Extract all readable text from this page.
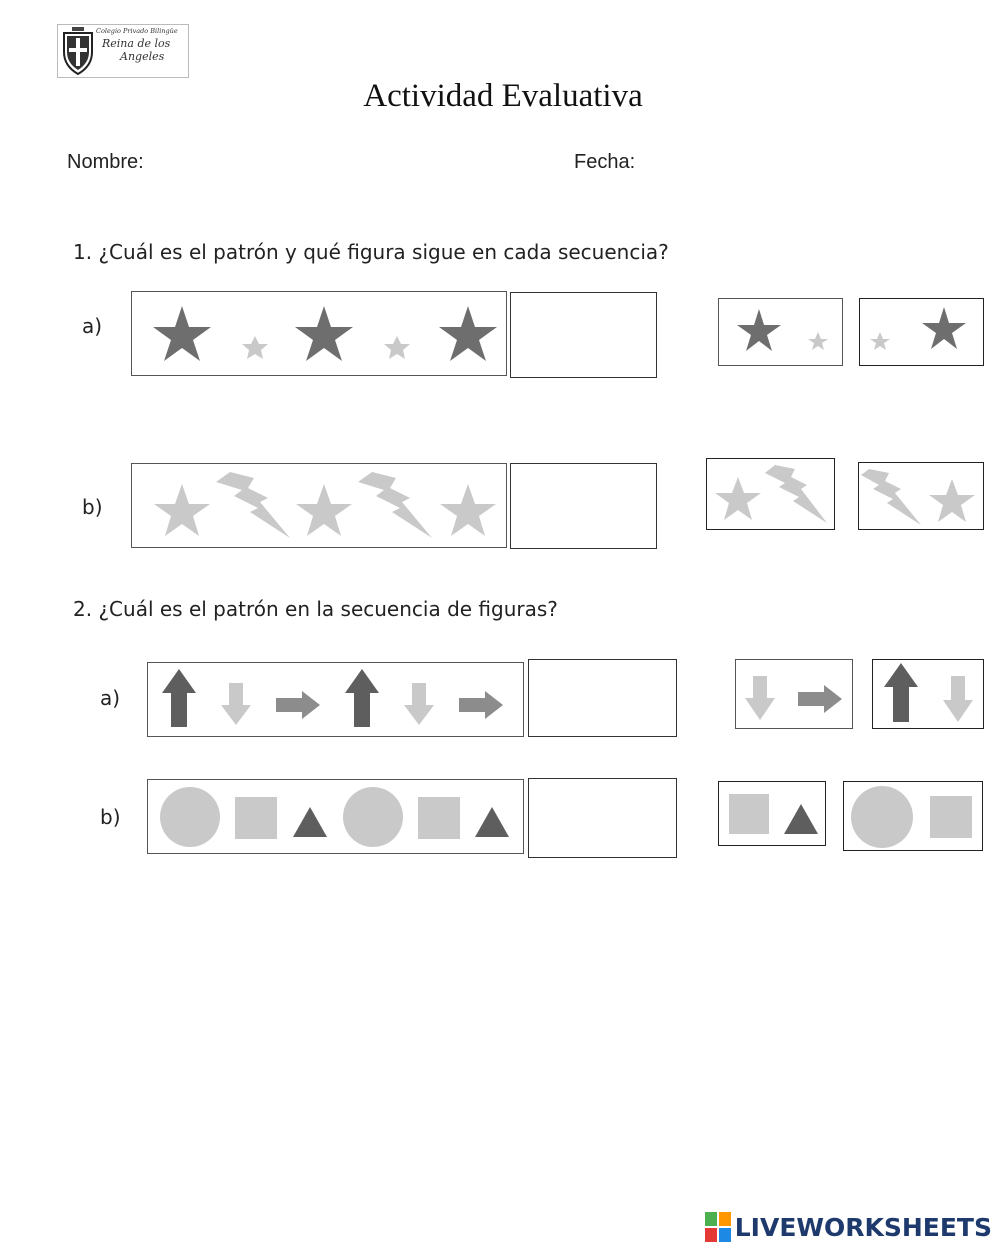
Colegio Privado Bilingüe
Reina de los
Angeles
Actividad Evaluativa
Nombre:	Fecha:
1. ¿Cuál es el patrón y qué figura sigue en cada secuencia?
a)
b)
2. ¿Cuál es el patrón en la secuencia de figuras?
a)
b)
LIVEWORKSHEETS
